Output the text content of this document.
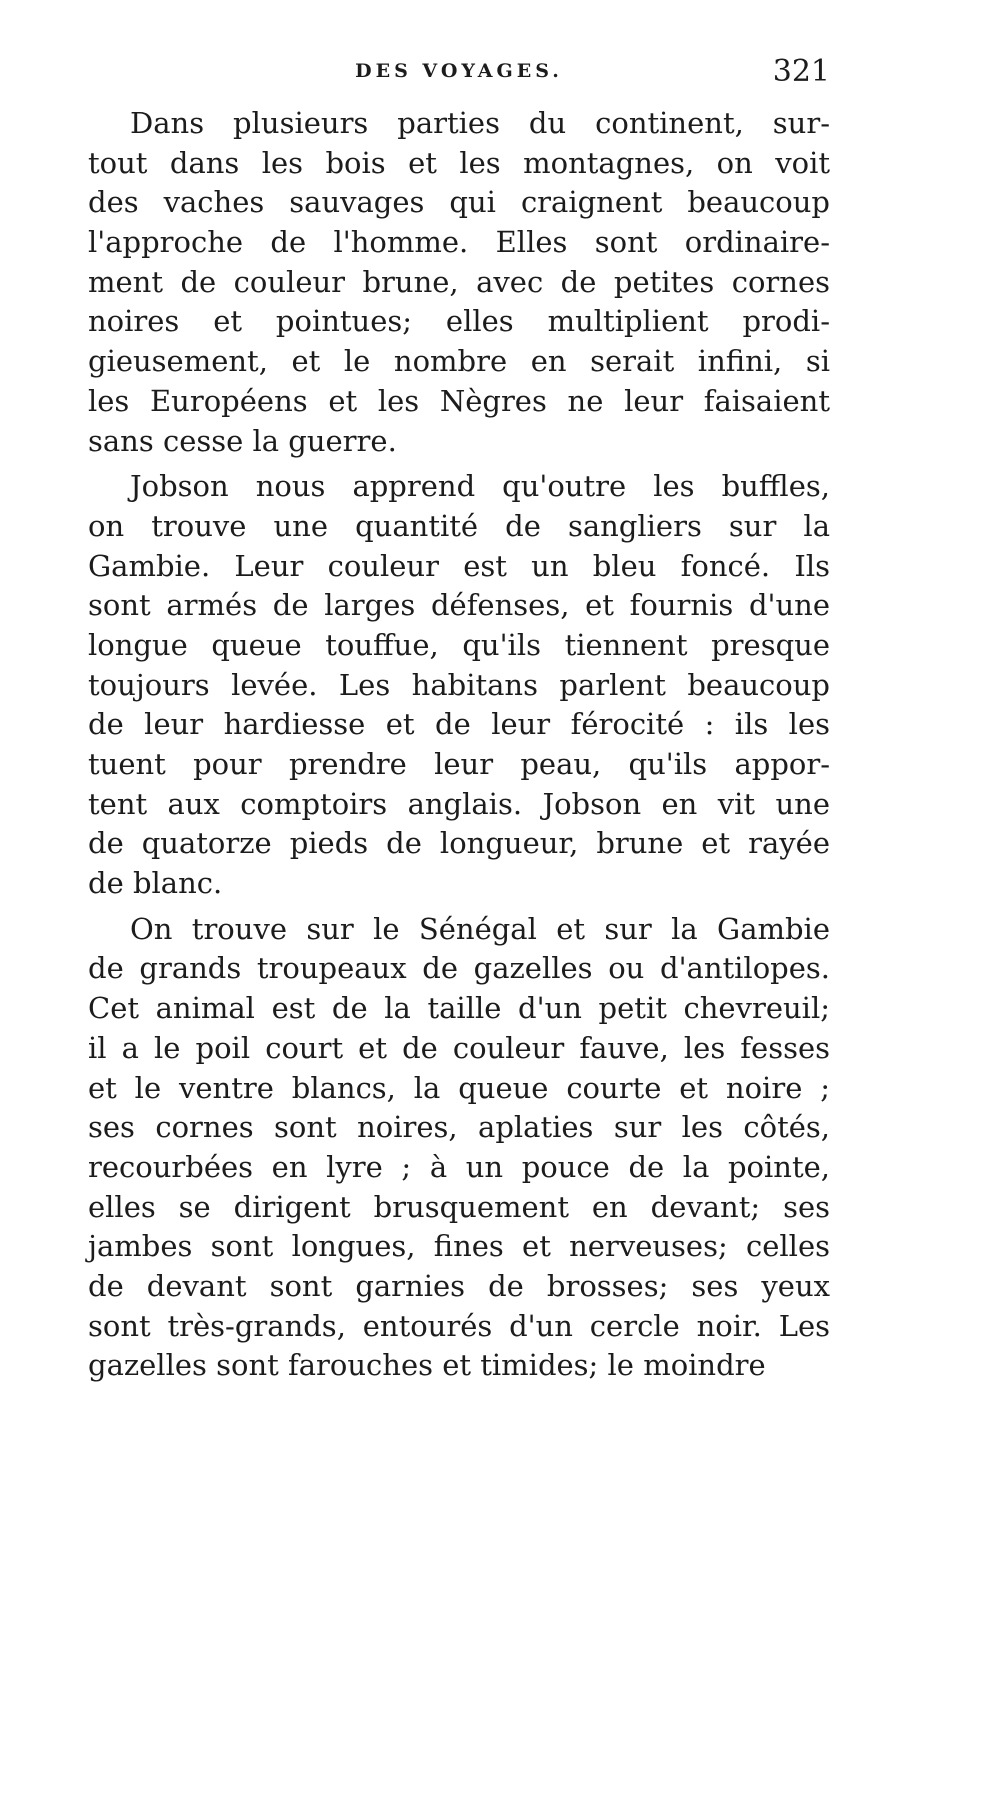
DES VOYAGES.	321
Dans plusieurs parties du continent, sur-
tout dans les bois et les montagnes, on voit
des vaches sauvages qui craignent beaucoup
l'approche de l'homme. Elles sont ordinaire-
ment de couleur brune, avec de petites cornes
noires et pointues; elles multiplient prodi-
gieusement, et le nombre en serait infini, si
les Européens et les Nègres ne leur faisaient
sans cesse la guerre.
Jobson nous apprend qu'outre les buffles,
on trouve une quantité de sangliers sur la
Gambie. Leur couleur est un bleu foncé. Ils
sont armés de larges défenses, et fournis d'une
longue queue touffue, qu'ils tiennent presque
toujours levée. Les habitans parlent beaucoup
de leur hardiesse et de leur férocité : ils les
tuent pour prendre leur peau, qu'ils appor-
tent aux comptoirs anglais. Jobson en vit une
de quatorze pieds de longueur, brune et rayée
de blanc.
On trouve sur le Sénégal et sur la Gambie
de grands troupeaux de gazelles ou d'antilopes.
Cet animal est de la taille d'un petit chevreuil;
il a le poil court et de couleur fauve, les fesses
et le ventre blancs, la queue courte et noire ;
ses cornes sont noires, aplaties sur les côtés,
recourbées en lyre ; à un pouce de la pointe,
elles se dirigent brusquement en devant; ses
jambes sont longues, fines et nerveuses; celles
de devant sont garnies de brosses; ses yeux
sont très-grands, entourés d'un cercle noir. Les
gazelles sont farouches et timides; le moindre
